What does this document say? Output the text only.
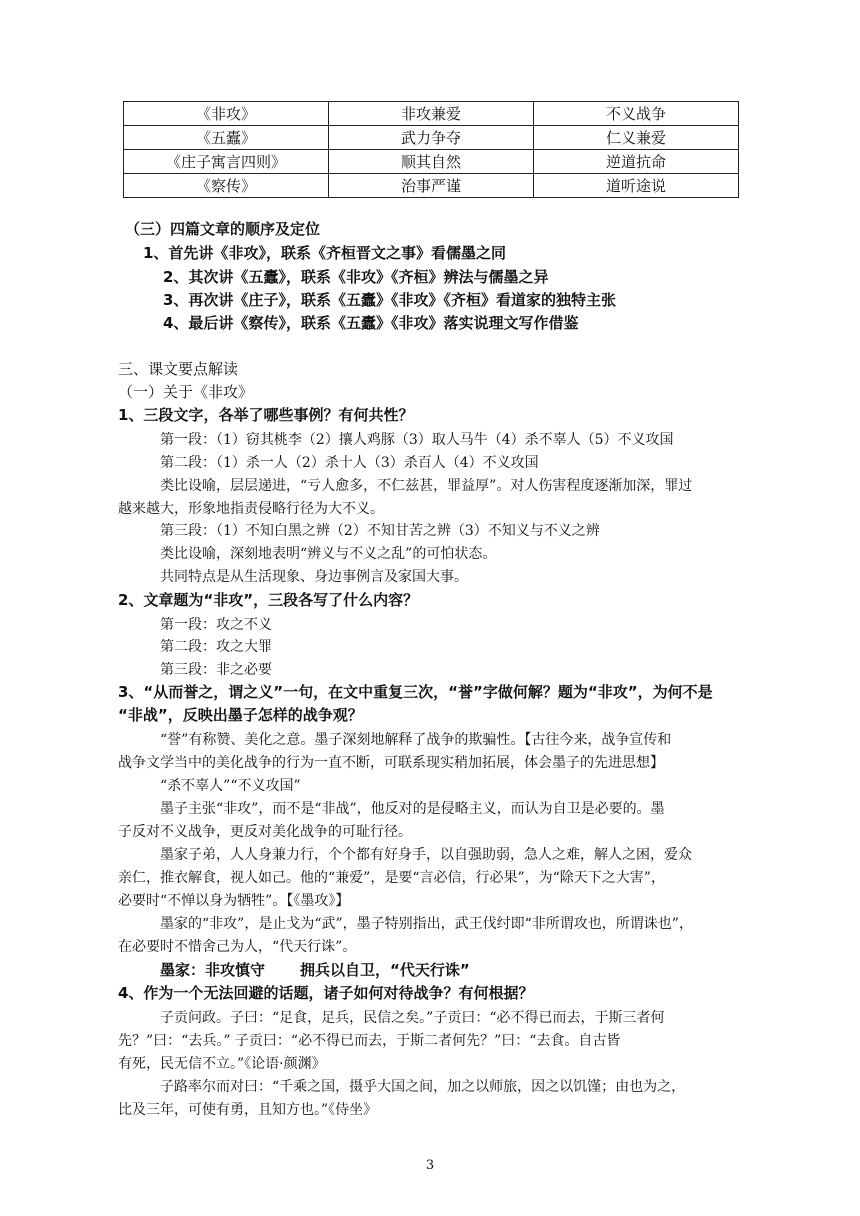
《非攻》	非攻兼爱	不义战争
《五蠹》	武力争夺	仁义兼爱
《庄子寓言四则》	顺其自然	逆道抗命
《察传》	治事严谨	道听途说
（三）四篇文章的顺序及定位
1、首先讲《非攻》，联系《齐桓晋文之事》看儒墨之同
2、其次讲《五蠹》，联系《非攻》《齐桓》辨法与儒墨之异
3、再次讲《庄子》，联系《五蠹》《非攻》《齐桓》看道家的独特主张
4、最后讲《察传》，联系《五蠹》《非攻》落实说理文写作借鉴
三、课文要点解读
（一）关于《非攻》
1、三段文字，各举了哪些事例？有何共性？
第一段：（1）窃其桃李（2）攘人鸡豚（3）取人马牛（4）杀不辜人（5）不义攻国
第二段：（1）杀一人（2）杀十人（3）杀百人（4）不义攻国
类比设喻，层层递进，“亏人愈多，不仁兹甚，罪益厚”。对人伤害程度逐渐加深，罪过
越来越大，形象地指责侵略行径为大不义。
第三段：（1）不知白黑之辨（2）不知甘苦之辨（3）不知义与不义之辨
类比设喻，深刻地表明“辨义与不义之乱”的可怕状态。
共同特点是从生活现象、身边事例言及家国大事。
2、文章题为“非攻”，三段各写了什么内容？
第一段：攻之不义
第二段：攻之大罪
第三段：非之必要
3、“从而誉之，谓之义”一句，在文中重复三次，“誉”字做何解？题为“非攻”，为何不是
“非战”，反映出墨子怎样的战争观？
“誉”有称赞、美化之意。墨子深刻地解释了战争的欺骗性。【古往今来，战争宣传和
战争文学当中的美化战争的行为一直不断，可联系现实稍加拓展，体会墨子的先进思想】
“杀不辜人”“不义攻国”
墨子主张“非攻”，而不是“非战”，他反对的是侵略主义，而认为自卫是必要的。墨
子反对不义战争，更反对美化战争的可耻行径。
墨家子弟，人人身兼力行，个个都有好身手，以自强助弱，急人之难，解人之困，爱众
亲仁，推衣解食，视人如己。他的“兼爱”，是要“言必信，行必果”，为“除天下之大害”，
必要时“不惮以身为牺牲”。【《墨攻》】
墨家的“非攻”，是止戈为“武”，墨子特别指出，武王伐纣即“非所谓攻也，所谓诛也”，
在必要时不惜舍己为人，“代天行诛”。
墨家：非攻慎守 拥兵以自卫，“代天行诛”
4、作为一个无法回避的话题，诸子如何对待战争？有何根据？
子贡问政。子曰：“足食，足兵，民信之矣。”子贡曰：“必不得已而去，于斯三者何
先？”曰：“去兵。” 子贡曰：“必不得已而去，于斯二者何先？”曰：“去食。自古皆
有死，民无信不立。”《论语·颜渊》
子路率尔而对曰：“千乘之国，摄乎大国之间，加之以师旅，因之以饥馑；由也为之，
比及三年，可使有勇，且知方也。”《侍坐》
3
